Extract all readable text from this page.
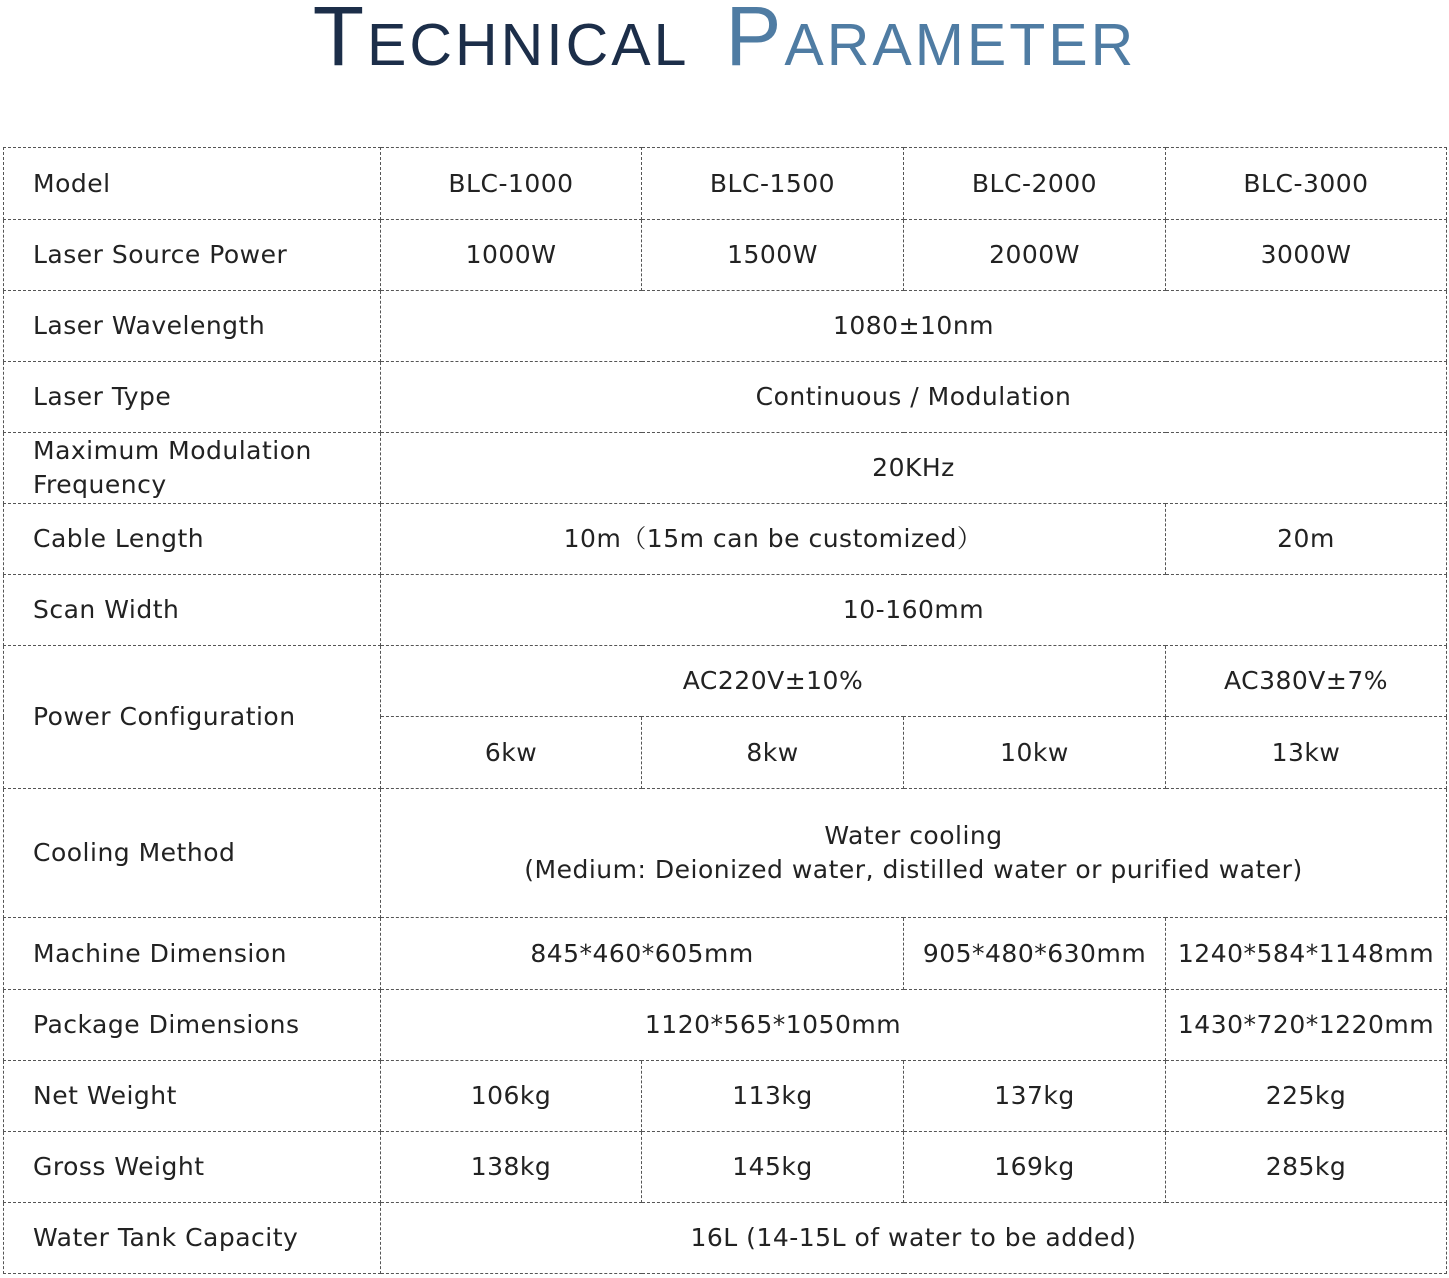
Technical Parameter
Model	BLC-1000	BLC-1500	BLC-2000	BLC-3000
Laser Source Power	1000W	1500W	2000W	3000W
Laser Wavelength	1080±10nm			
Laser Type	Continuous / Modulation			
Maximum Modulation
Frequency	20KHz			
Cable Length	10m（15m can be customized）			20m
Scan Width	10-160mm			
Power Configuration	AC220V±10%			AC380V±7%
	6kw	8kw	10kw	13kw
Cooling Method	Water cooling
(Medium: Deionized water, distilled water or purified water)			
Machine Dimension	845*460*605mm		905*480*630mm	1240*584*1148mm
Package Dimensions	1120*565*1050mm			1430*720*1220mm
Net Weight	106kg	113kg	137kg	225kg
Gross Weight	138kg	145kg	169kg	285kg
Water Tank Capacity	16L (14-15L of water to be added)			
